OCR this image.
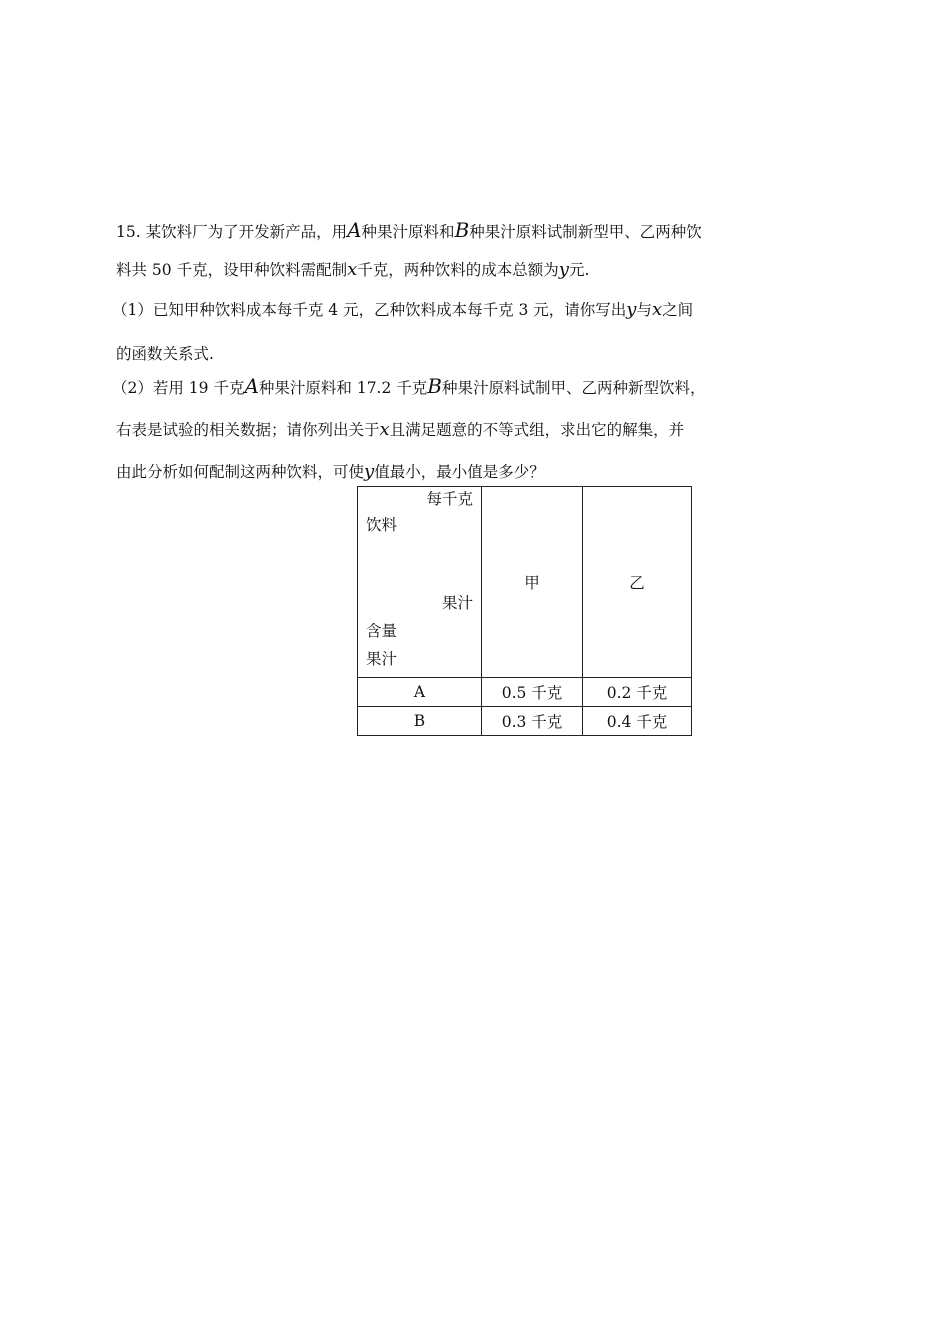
15. 某饮料厂为了开发新产品，用A种果汁原料和B种果汁原料试制新型甲、乙两种饮
料共 50 千克，设甲种饮料需配制x千克，两种饮料的成本总额为y元.
（1）已知甲种饮料成本每千克 4 元，乙种饮料成本每千克 3 元，请你写出y与x之间
的函数关系式.
（2）若用 19 千克A种果汁原料和 17.2 千克B种果汁原料试制甲、乙两种新型饮料，
右表是试验的相关数据；请你列出关于x且满足题意的不等式组，求出它的解集，并
由此分析如何配制这两种饮料，可使y值最小，最小值是多少？
每千克
饮料
果汁
含量
果汁	甲	乙
A	0.5 千克	0.2 千克
B	0.3 千克	0.4 千克
